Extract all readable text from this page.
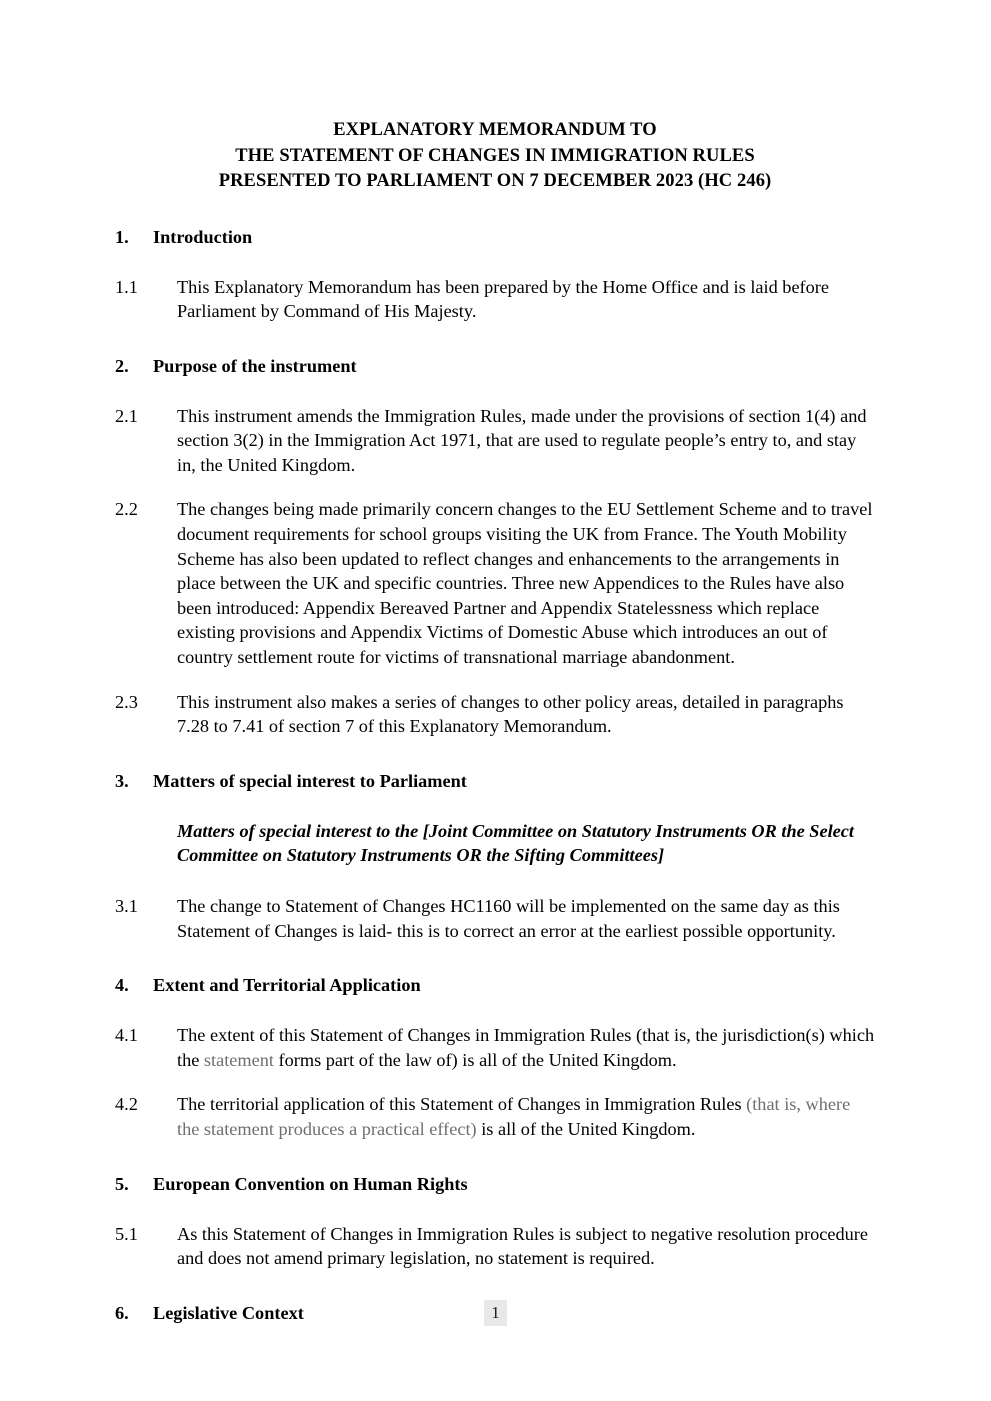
EXPLANATORY MEMORANDUM TO
THE STATEMENT OF CHANGES IN IMMIGRATION RULES
PRESENTED TO PARLIAMENT ON 7 DECEMBER 2023 (HC 246)
1.	Introduction
1.1	This Explanatory Memorandum has been prepared by the Home Office and is laid before Parliament by Command of His Majesty.
2.	Purpose of the instrument
2.1	This instrument amends the Immigration Rules, made under the provisions of section 1(4) and section 3(2) in the Immigration Act 1971, that are used to regulate people’s entry to, and stay in, the United Kingdom.
2.2	The changes being made primarily concern changes to the EU Settlement Scheme and to travel document requirements for school groups visiting the UK from France. The Youth Mobility Scheme has also been updated to reflect changes and enhancements to the arrangements in place between the UK and specific countries. Three new Appendices to the Rules have also been introduced: Appendix Bereaved Partner and Appendix Statelessness which replace existing provisions and Appendix Victims of Domestic Abuse which introduces an out of country settlement route for victims of transnational marriage abandonment.
2.3	This instrument also makes a series of changes to other policy areas, detailed in paragraphs 7.28 to 7.41 of section 7 of this Explanatory Memorandum.
3.	Matters of special interest to Parliament
Matters of special interest to the [Joint Committee on Statutory Instruments OR the Select Committee on Statutory Instruments OR the Sifting Committees]
3.1	The change to Statement of Changes HC1160 will be implemented on the same day as this Statement of Changes is laid- this is to correct an error at the earliest possible opportunity.
4.	Extent and Territorial Application
4.1	The extent of this Statement of Changes in Immigration Rules (that is, the jurisdiction(s) which the statement forms part of the law of) is all of the United Kingdom.
4.2	The territorial application of this Statement of Changes in Immigration Rules (that is, where the statement produces a practical effect) is all of the United Kingdom.
5.	European Convention on Human Rights
5.1	As this Statement of Changes in Immigration Rules is subject to negative resolution procedure and does not amend primary legislation, no statement is required.
6.	Legislative Context	1
